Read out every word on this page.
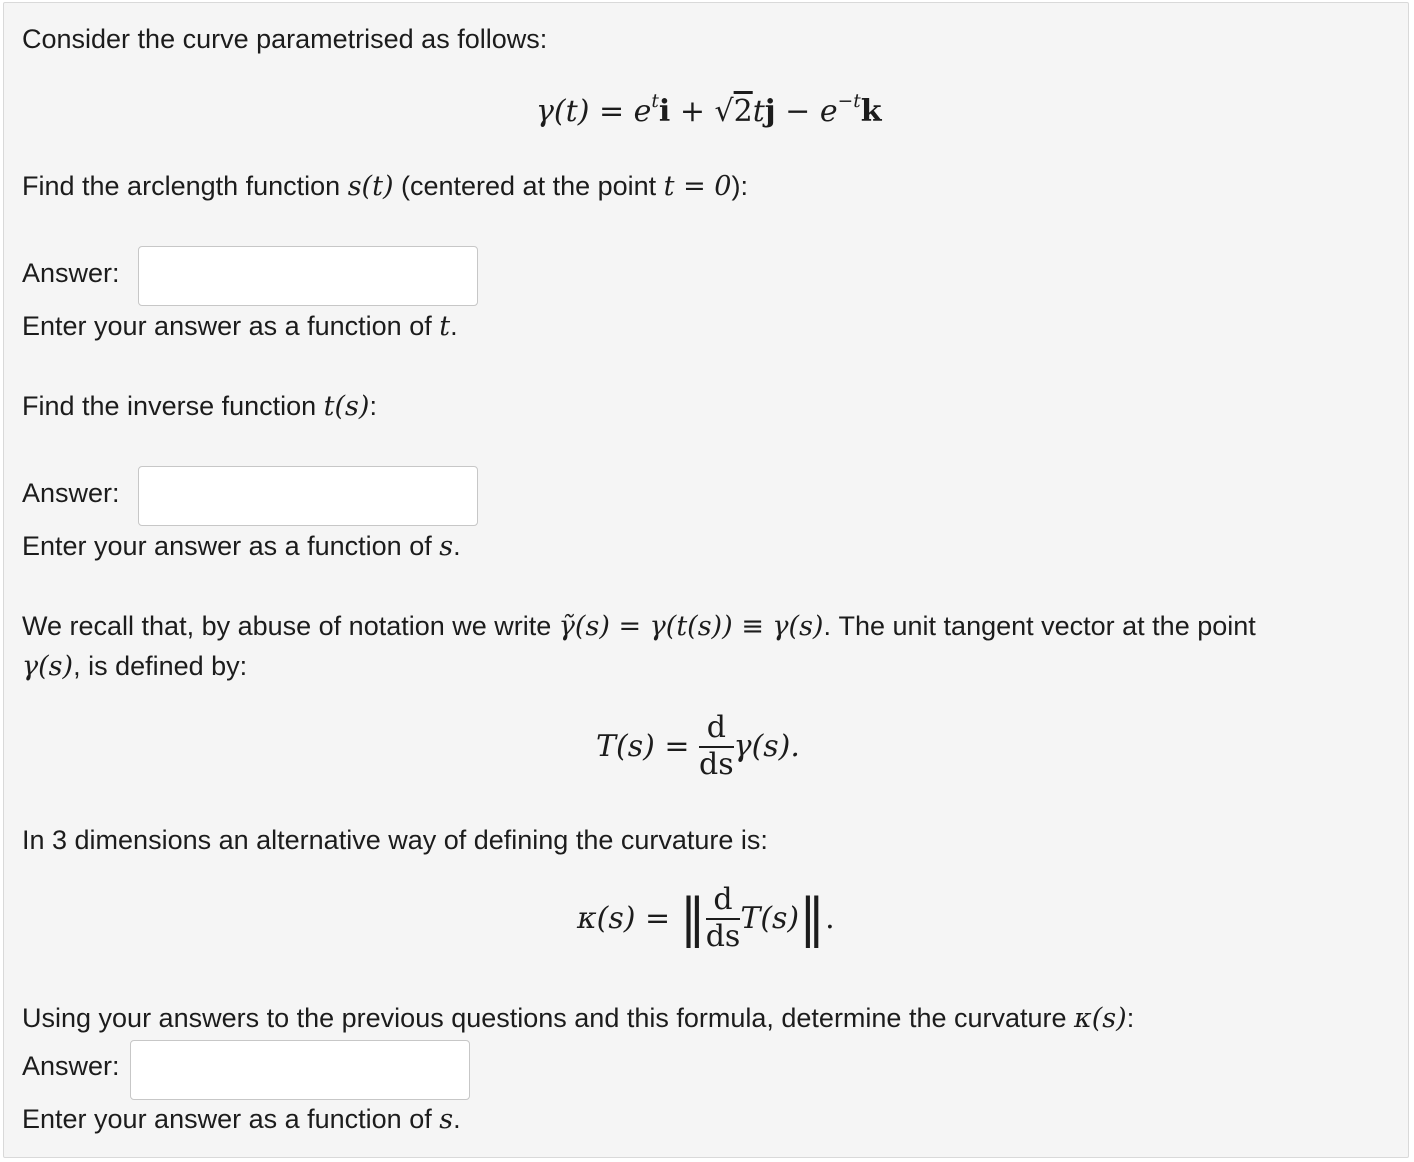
Consider the curve parametrised as follows:
$\gamma(t) = e^ti + √2tj - e^{-t}k$
Find the arclength function s(t) (centered at the point t = 0):
Answer:
Enter your answer as a function of t.
Find the inverse function t(s):
Answer:
Enter your answer as a function of s.
We recall that, by abuse of notation we write γ̃(s) = γ(t(s)) ≡ γ(s). The unit tangent vector at the point
γ(s), is defined by:
$T(s) = \frac{d}{ds} \gamma(s)$.
In 3 dimensions an alternative way of defining the curvature is:
κ(s) = ‖ $\frac{d}{ds}$ T(s)‖.
Using your answers to the previous questions and this formula, determine the curvature κ(s):
Answer:
Enter your answer as a function of s.
